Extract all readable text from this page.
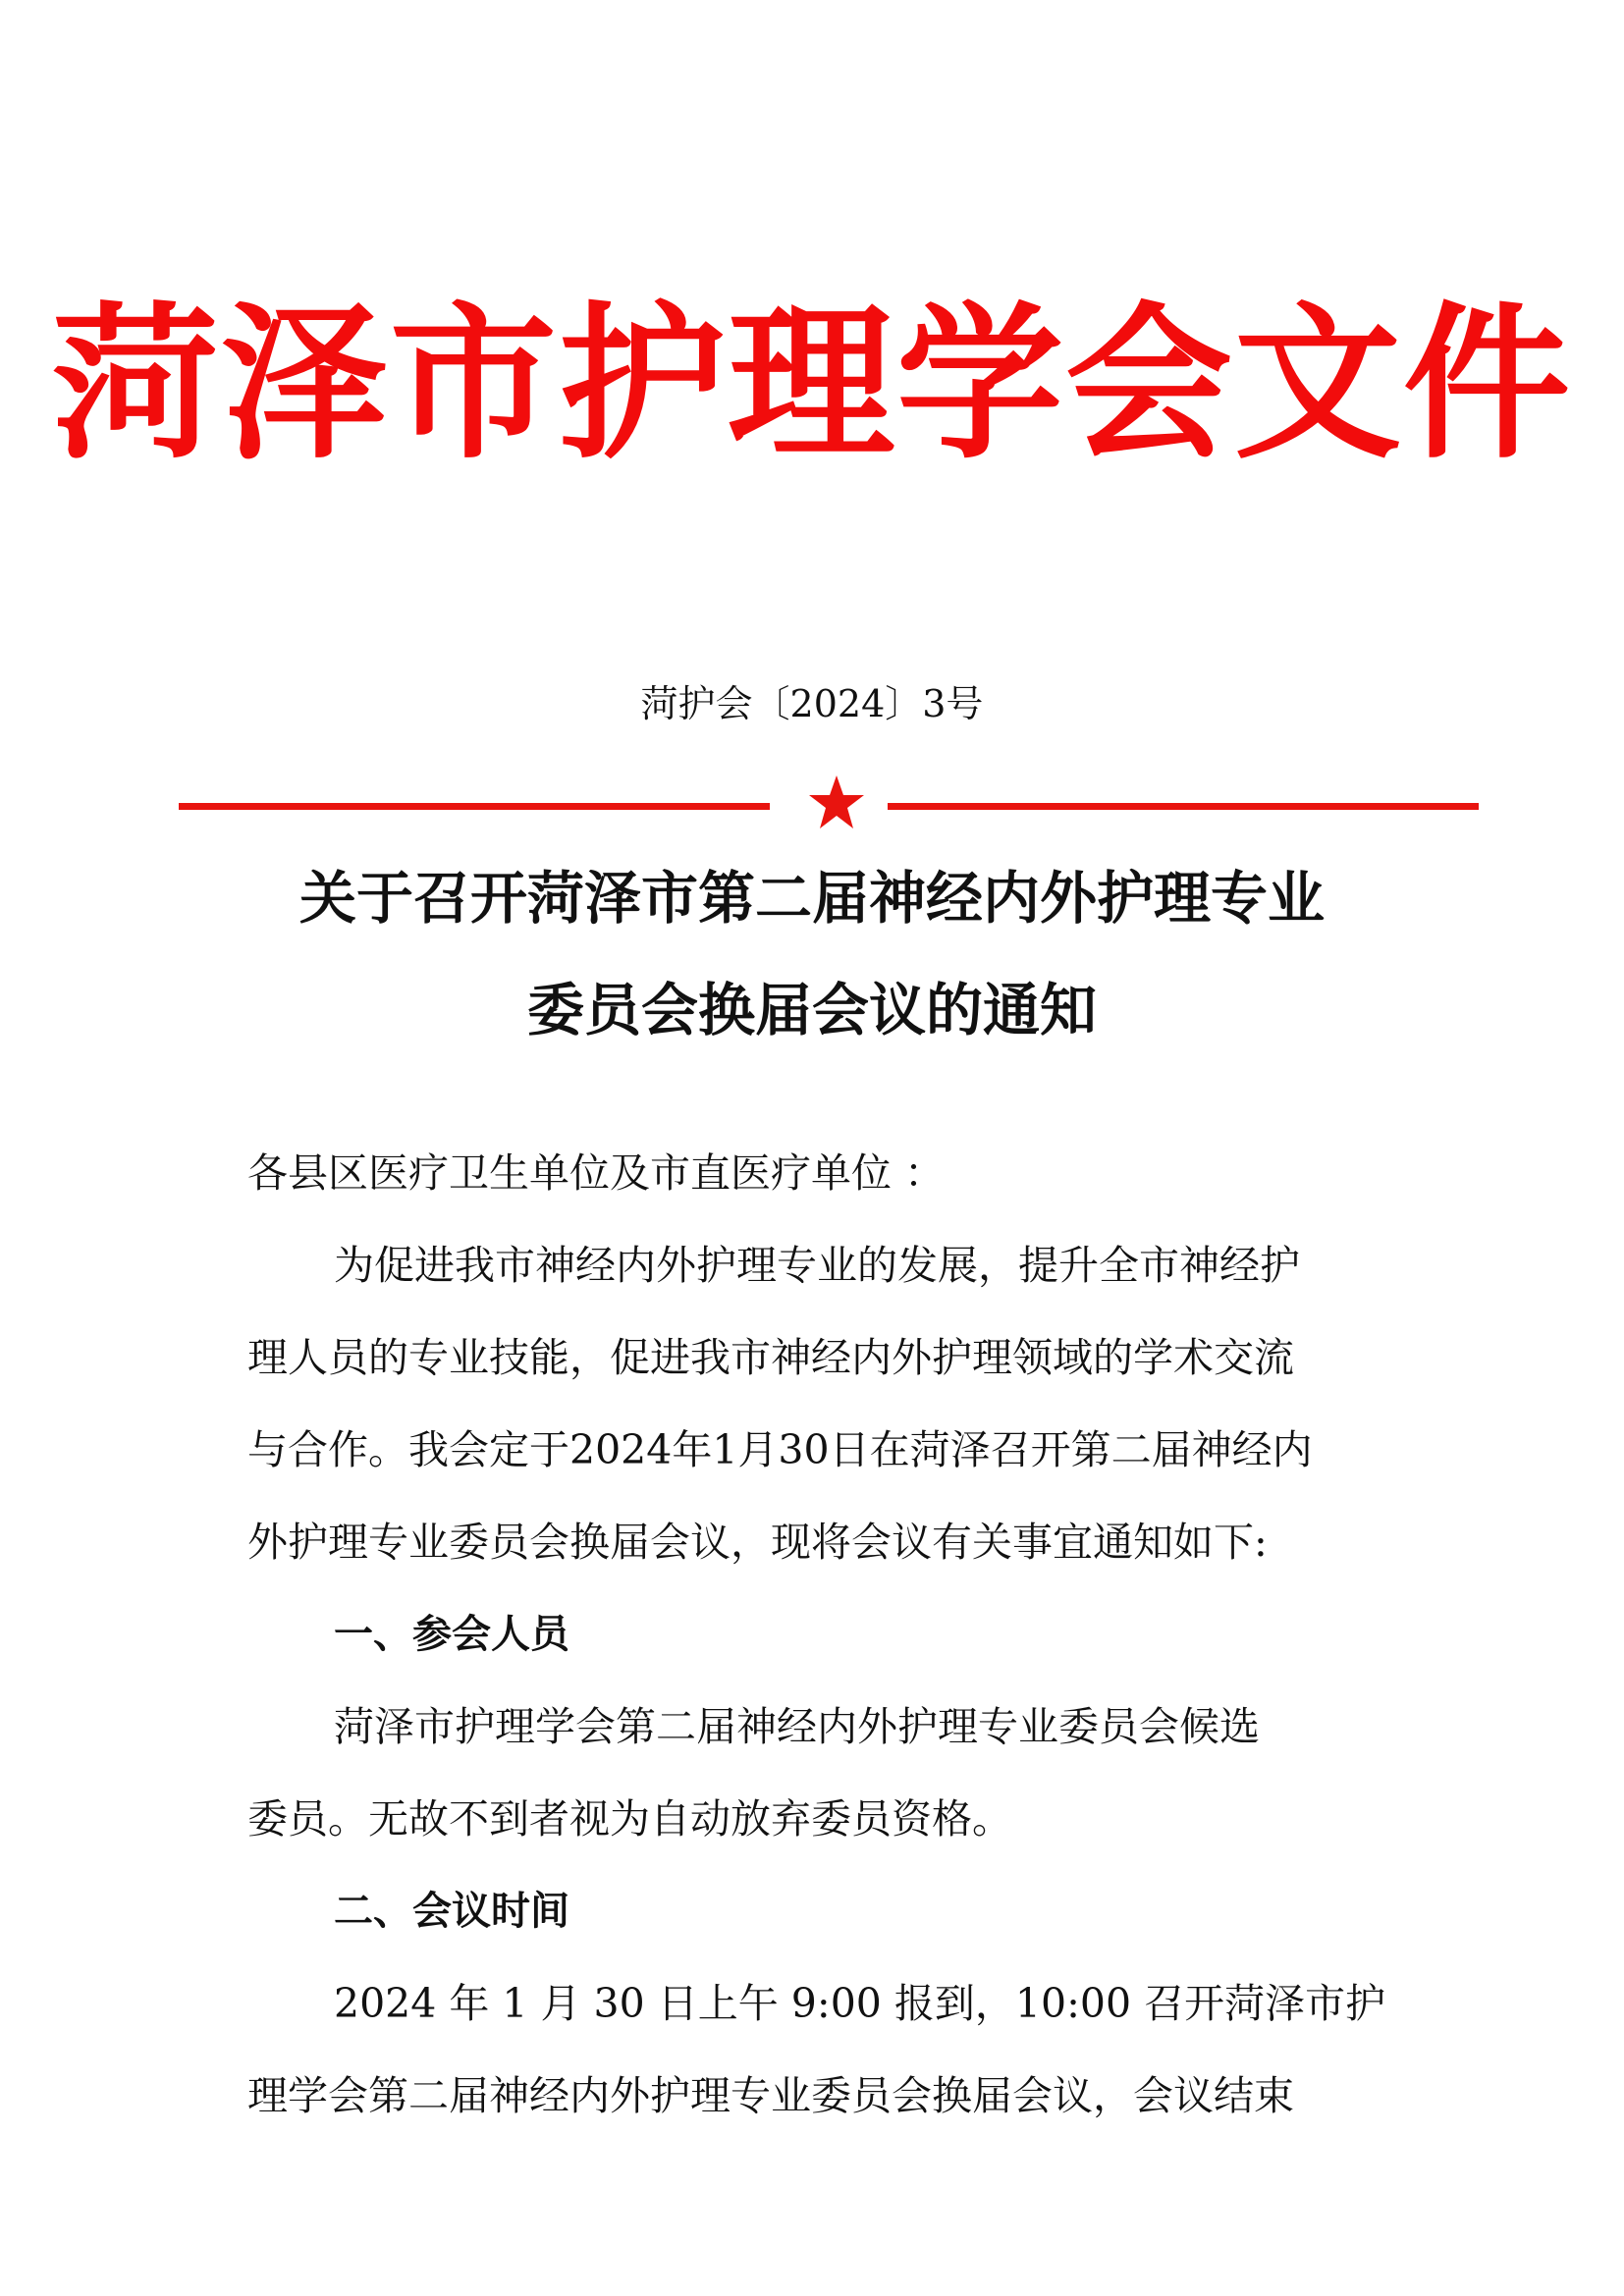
菏泽市护理学会文件
菏护会〔2024〕3号
关于召开菏泽市第二届神经内外护理专业
委员会换届会议的通知
各县区医疗卫生单位及市直医疗单位 ：
为促进我市神经内外护理专业的发展，提升全市神经护
理人员的专业技能，促进我市神经内外护理领域的学术交流
与合作。我会定于2024年1月30日在菏泽召开第二届神经内
外护理专业委员会换届会议，现将会议有关事宜通知如下:
一、参会人员
菏泽市护理学会第二届神经内外护理专业委员会候选
委员。无故不到者视为自动放弃委员资格。
二、会议时间
2024 年 1 月 30 日上午 9:00 报到，10:00 召开菏泽市护
理学会第二届神经内外护理专业委员会换届会议，会议结束
